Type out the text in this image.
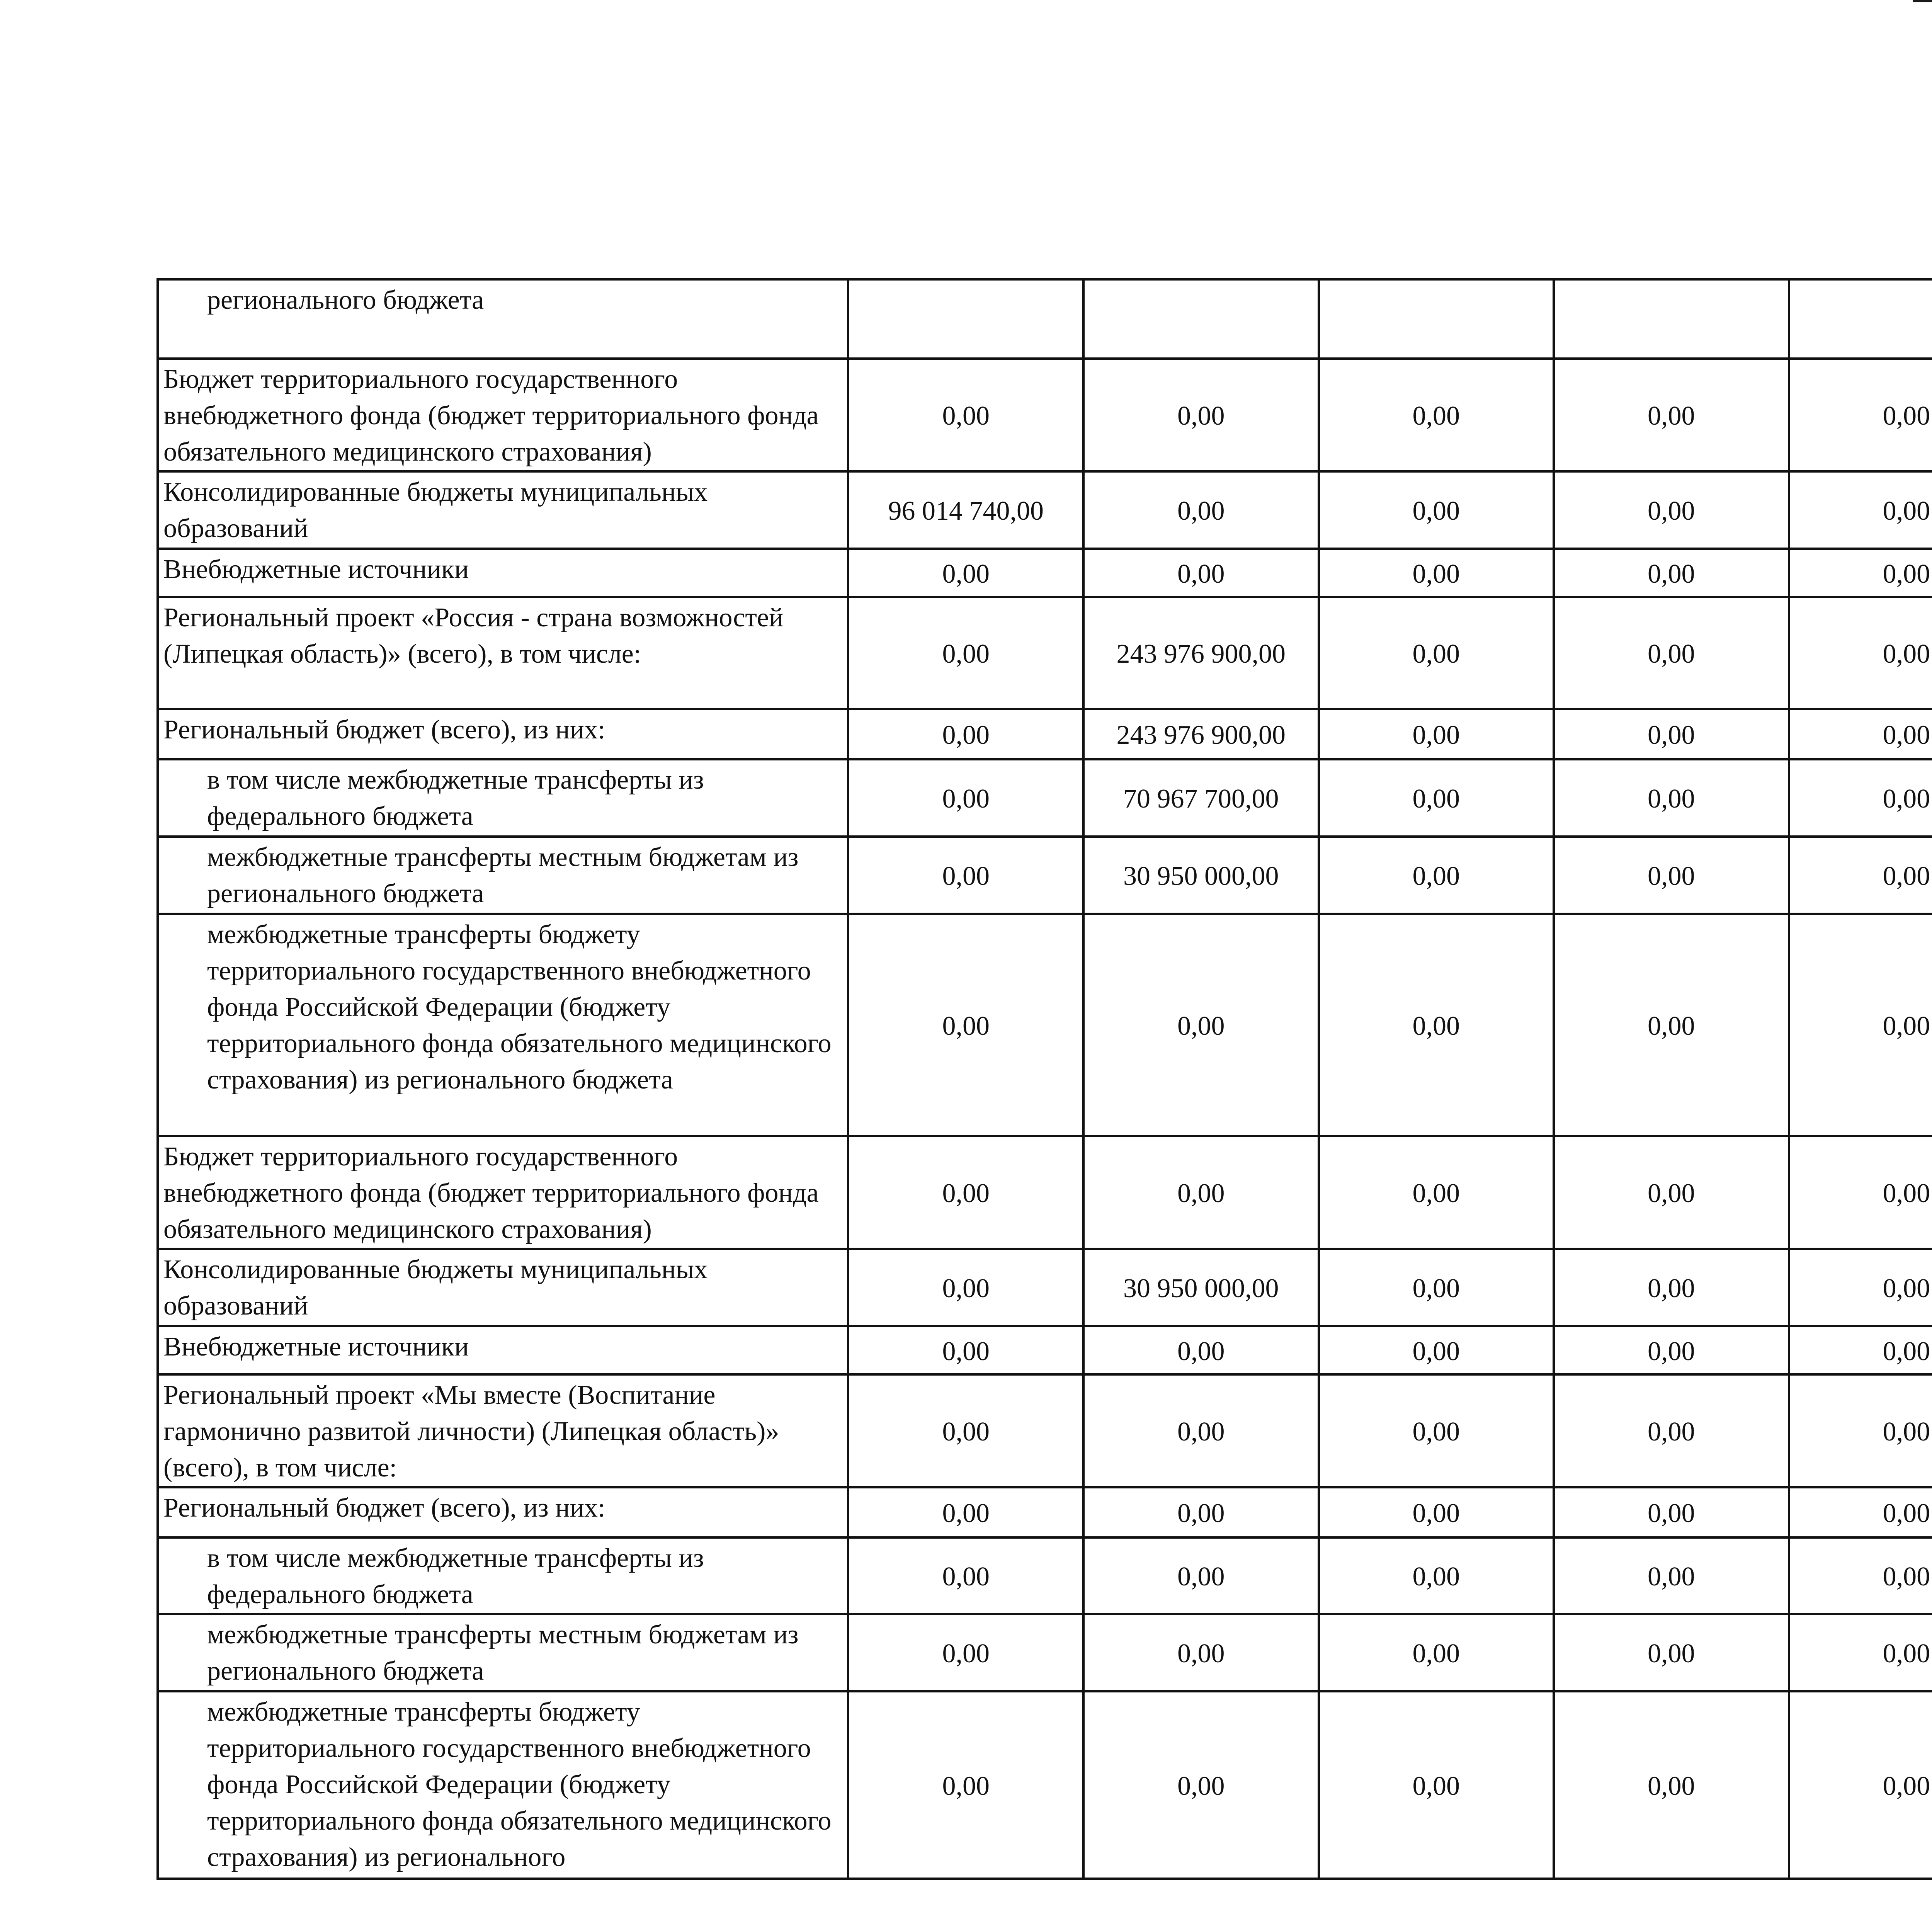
регионального бюджета								
Бюджет территориального государственного внебюджетного фонда (бюджет территориального фонда обязательного медицинского страхования)	0,00	0,00	0,00	0,00	0,00			
Консолидированные бюджеты муниципальных образований	96 014 740,00	0,00	0,00	0,00	0,00			
Внебюджетные источники	0,00	0,00	0,00	0,00	0,00			
Региональный проект «Россия - страна возможностей (Липецкая область)» (всего), в том числе:	0,00	243 976 900,00	0,00	0,00	0,00			
Региональный бюджет (всего), из них:	0,00	243 976 900,00	0,00	0,00	0,00			
в том числе межбюджетные трансферты из федерального бюджета	0,00	70 967 700,00	0,00	0,00	0,00			
межбюджетные трансферты местным бюджетам из регионального бюджета	0,00	30 950 000,00	0,00	0,00	0,00			
межбюджетные трансферты бюджету территориального государственного внебюджетного фонда Российской Федерации (бюджету территориального фонда обязательного медицинского страхования) из регионального бюджета	0,00	0,00	0,00	0,00	0,00			
Бюджет территориального государственного внебюджетного фонда (бюджет территориального фонда обязательного медицинского страхования)	0,00	0,00	0,00	0,00	0,00			
Консолидированные бюджеты муниципальных образований	0,00	30 950 000,00	0,00	0,00	0,00			
Внебюджетные источники	0,00	0,00	0,00	0,00	0,00			
Региональный проект «Мы вместе (Воспитание гармонично развитой личности) (Липецкая область)» (всего), в том числе:	0,00	0,00	0,00	0,00	0,00			
Региональный бюджет (всего), из них:	0,00	0,00	0,00	0,00	0,00			
в том числе межбюджетные трансферты из федерального бюджета	0,00	0,00	0,00	0,00	0,00			
межбюджетные трансферты местным бюджетам из регионального бюджета	0,00	0,00	0,00	0,00	0,00			
межбюджетные трансферты бюджету территориального государственного внебюджетного фонда Российской Федерации (бюджету территориального фонда обязательного медицинского страхования) из регионального	0,00	0,00	0,00	0,00	0,00			
